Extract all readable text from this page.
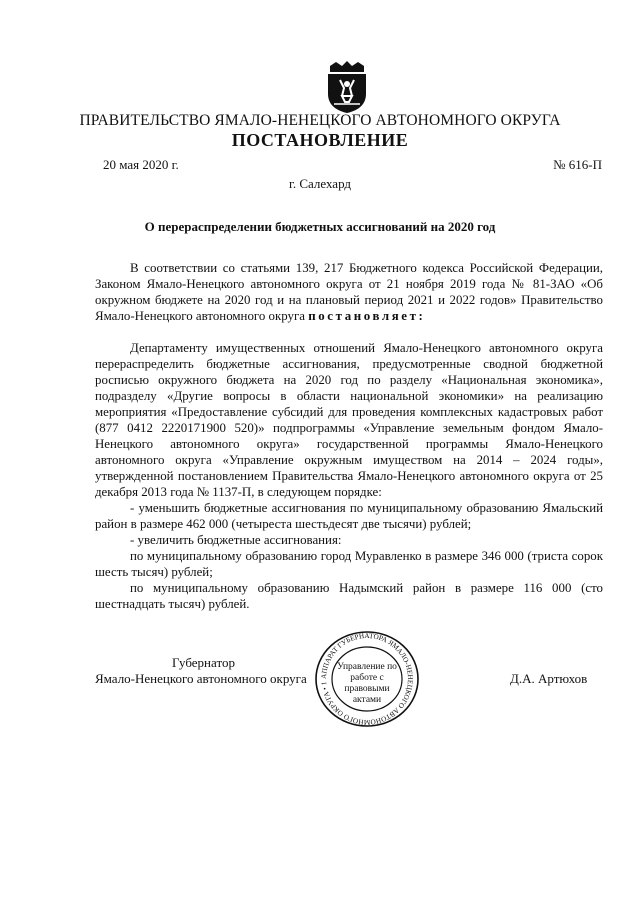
ПРАВИТЕЛЬСТВО ЯМАЛО-НЕНЕЦКОГО АВТОНОМНОГО ОКРУГА
ПОСТАНОВЛЕНИЕ
20 мая 2020 г.	№ 616-П
г. Салехард
О перераспределении бюджетных ассигнований на 2020 год

В соответствии со статьями 139, 217 Бюджетного кодекса Российской Федерации, Законом Ямало-Ненецкого автономного округа от 21 ноября 2019 года № 81-ЗАО «Об окружном бюджете на 2020 год и на плановый период 2021 и 2022 годов» Правительство Ямало-Ненецкого автономного округа постановляет:

Департаменту имущественных отношений Ямало-Ненецкого автономного округа перераспределить бюджетные ассигнования, предусмотренные сводной бюджетной росписью окружного бюджета на 2020 год по разделу «Национальная экономика», подразделу «Другие вопросы в области национальной экономики» на реализацию мероприятия «Предоставление субсидий для проведения комплексных кадастровых работ (877 0412 2220171900 520)» подпрограммы «Управление земельным фондом Ямало-Ненецкого автономного округа» государственной программы Ямало-Ненецкого автономного округа «Управление окружным имуществом на 2014 – 2024 годы», утвержденной постановлением Правительства Ямало-Ненецкого автономного округа от 25 декабря 2013 года № 1137-П, в следующем порядке:

- уменьшить бюджетные ассигнования по муниципальному образованию Ямальский район в размере 462 000 (четыреста шестьдесят две тысячи) рублей;

- увеличить бюджетные ассигнования:

по муниципальному образованию город Муравленко в размере 346 000 (триста сорок шесть тысяч) рублей;

по муниципальному образованию Надымский район в размере 116 000 (сто шестнадцать тысяч) рублей.

Губернатор
Ямало-Ненецкого автономного округа	Д.А. Артюхов
АППАРАТ ГУБЕРНАТОРА ЯМАЛО-НЕНЕЦКОГО АВТОНОМНОГО ОКРУГА • 1
Управление по работе с правовыми актами
